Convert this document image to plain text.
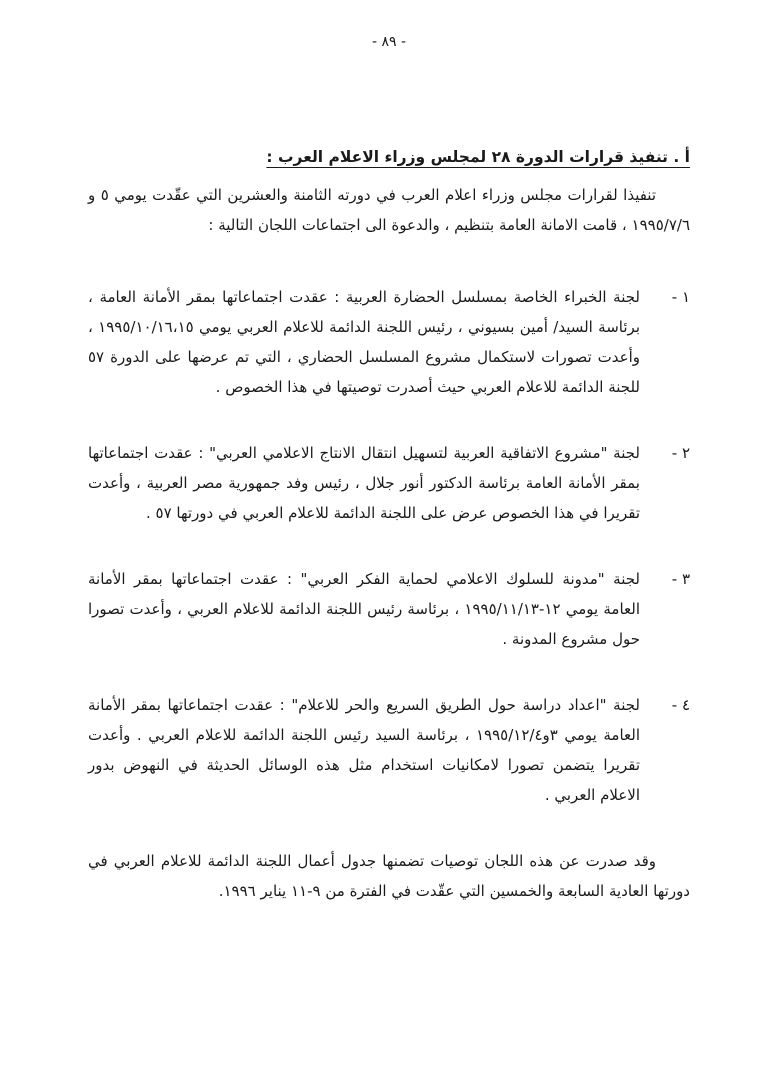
- ٨٩ -
أ . تنفيذ قرارات الدورة ٢٨ لمجلس وزراء الاعلام العرب :

تنفيذا لقرارات مجلس وزراء اعلام العرب في دورته الثامنة والعشرين التي عقّدت يومي ٥ و ١٩٩٥/٧/٦ ، قامت الامانة العامة بتنظيم ، والدعوة الى اجتماعات اللجان التالية :

١ -

لجنة الخبراء الخاصة بمسلسل الحضارة العربية : عقدت اجتماعاتها بمقر الأمانة العامة ، برئاسة السيد/ أمين بسيوني ، رئيس اللجنة الدائمة للاعلام العربي يومي ١٩٩٥/١٠/١٦،١٥ ، وأعدت تصورات لاستكمال مشروع المسلسل الحضاري ، التي تم عرضها على الدورة ٥٧ للجنة الدائمة للاعلام العربي حيث أصدرت توصيتها في هذا الخصوص .

٢ -

لجنة "مشروع الاتفاقية العربية لتسهيل انتقال الانتاج الاعلامي العربي" : عقدت اجتماعاتها بمقر الأمانة العامة برئاسة الدكتور أنور جلال ، رئيس وفد جمهورية مصر العربية ، وأعدت تقريرا في هذا الخصوص عرض على اللجنة الدائمة للاعلام العربي في دورتها ٥٧ .

٣ -

لجنة "مدونة للسلوك الاعلامي لحماية الفكر العربي" : عقدت اجتماعاتها بمقر الأمانة العامة يومي ١٢-١٩٩٥/١١/١٣ ، برئاسة رئيس اللجنة الدائمة للاعلام العربي ، وأعدت تصورا حول مشروع المدونة .

٤ -

لجنة "اعداد دراسة حول الطريق السريع والحر للاعلام" : عقدت اجتماعاتها بمقر الأمانة العامة يومي ٣و١٩٩٥/١٢/٤ ، برئاسة السيد رئيس اللجنة الدائمة للاعلام العربي . وأعدت تقريرا يتضمن تصورا لامكانيات استخدام مثل هذه الوسائل الحديثة في النهوض بدور الاعلام العربي .

وقد صدرت عن هذه اللجان توصيات تضمنها جدول أعمال اللجنة الدائمة للاعلام العربي في دورتها العادية السابعة والخمسين التي عقّدت في الفترة من ٩-١١ يناير ١٩٩٦.
